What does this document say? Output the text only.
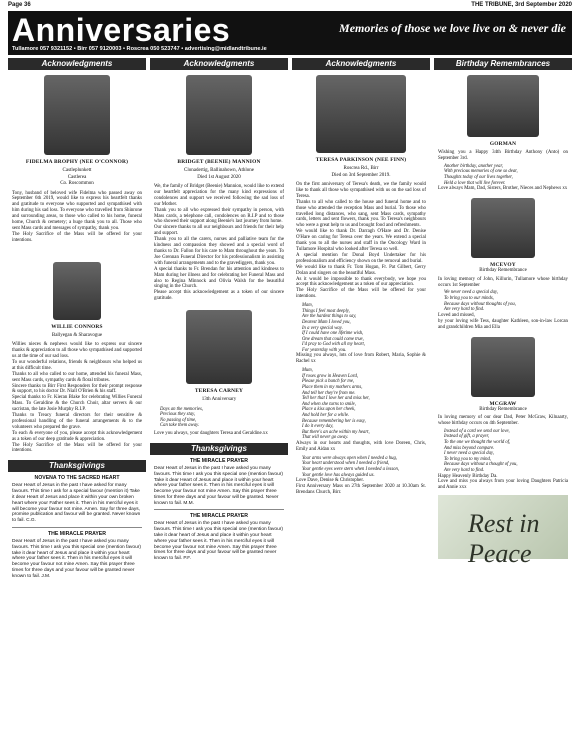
Page 36	THE TRIBUNE, 3rd September 2020
Anniversaries	Memories of those we love live on & never die
Tullamore 057 9321152 • Birr 057 9120003 • Roscrea 050 523747 • advertising@midlandtribune.ie
Acknowledgments
FIDELMA BROPHY (NEE O'CONNOR)
Castleplunkett
Castlerea
Co. Roscommon
Tony, husband of beloved wife Fidelma who passed away on September 6th 2019, would like to express his heartfelt thanks and gratitude to everyone who supported and sympathised with him during his sad loss. To everyone who travelled from Shinrone and surrounding areas, to those who called to his home, funeral home, Church & cemetery; a huge thank you to all. Those who sent Mass cards and messages of sympathy, thank you.
The Holy Sacrifice of the Mass will be offered for your intentions.
WILLIE CONNORS
Ballyegan & Sharavogue
Willies nieces & nephews would like to express our sincere thanks & appreciation to all those who sympathised and supported us at the time of our sad loss.
To our wonderful relations, friends & neighbours who helped us at this difficult time.
Thanks to all who called to our home, attended his funeral Mass, sent Mass cards, sympathy cards & floral tributes.
Sincere thanks to Birr First Responders for their prompt response & support, to his doctor Dr. Niall O'Brien & his staff.
Special thanks to Fr. Kieran Blake for celebrating Willies Funeral Mass. To Geraldine & the Church Choir, altar servers & our sacristan, the late Josie Murphy R.I.P.
Thanks to Treacy funeral directors for their sensitive & professional handling of the funeral arrangements & to the volunteers who prepared the grave.
To each & everyone of you, please accept this acknowledgement as a token of our deep gratitude & appreciation.
The Holy Sacrifice of the Mass will be offered for your intentions.
Thanksgivings
NOVENA TO THE SACRED HEART
Dear Heart of Jesus in the past I have asked for many favours. This time I ask for a special favour (mention it) Take it dear Heart of Jesus and place it within your own broken heart where your Father sees it. Then in his merciful eyes it will become your favour not mine. Amen. Say for three days, promise publication and favour will be granted. Never known to fail. C.G.
THE MIRACLE PRAYER
Dear Heart of Jesus in the past I have asked you many favours. This time I ask you this special one (mention favour) take it dear heart of Jesus and place it within your heart where your father sees it. Then in his merciful eyes it will become your favour not mine Amen. Say this prayer three times for three days and your favour will be granted never known to fail. J.M.
Acknowledgments
BRIDGET (BEENIE) MANNION
Clonadertig, Ballinahown, Athlone
Died 1st August 2020
We, the family of Bridget (Beenie) Mannion, would like to extend our heartfelt appreciation for the many kind expressions of condolences and support we received following the sad loss of our Mother.
Thank you to all who expressed their sympathy in person, with Mass cards, a telephone call, condolences on R.I.P and to those who showed their support along Beenie's last journey from home.
Our sincere thanks to all our neighbours and friends for their help and support.
Thank you to all the carers, nurses and palliative team for the kindness and compassion they showed and a special word of thanks to Dr. Fallon for his care to Mam throughout the years. To Joe Grennan Funeral Director for his professionalism in assisting with funeral arrangements and to the gravediggers, thank you.
A special thanks to Fr. Brendan for his attention and kindness to Mam during her illness and for celebrating her Funeral Mass and also to Regina Minnock and Olivia Walsh for the beautiful singing in the Church.
Please accept this acknowledgement as a token of our sincere gratitude.
TERESA CARNEY
13th Anniversary
Days an the memories,
Precious they stay,
No passing of time,
Can take them away.
Love you always, your daughters Teresa and Geraldine.xx
Thanksgivings
THE MIRACLE PRAYER
Dear Heart of Jesus in the past I have asked you many favours. This time I ask you this special one (mention favour) Take it dear Heart of Jesus and place it within your heart where your father sees it. Then in his merciful eyes it will become your favour not mine Amen. Say this prayer three times for three days and your favour will be granted. Never known to fail. M.M.
THE MIRACLE PRAYER
Dear Heart of Jesus in the past I have asked you many favours. This time I ask you this special one (mention favour) take it dear heart of Jesus and place it within your heart where your father sees it. Then in his merciful eyes it will become your favour not mine Amen. Say this prayer three times for three days and your favour will be granted never known to fail. P.F.
Acknowledgments
TERESA PARKINSON (NEE FINN)
Roscrea Rd., Birr
Died on 3rd September 2019.
On the first anniversary of Teresa's death, we the family would like to thank all those who sympathised with us on the sad loss of Teresa.
Thanks to all who called to the house and funeral home and to those who attended the reception Mass and burial. To those who travelled long distances, who sang, sent Mass cards, sympathy cards, letters and sent flowers, thank you. To Teresa's neighbours who were a great help to us and brought food and refreshments.
We would like to thank Dr. Darragh O'Hare and Dr. Denise O'Hare on caring for Teresa over the years. We extend a special thank you to all the nurses and staff in the Oncology Ward in Tullamore Hospital who looked after Teresa so well.
A special mention for Donal Boyd Undertaker for his professionalism and efficiency shown on the removal and burial.
We would like to thank Fr. Tom Hogan, Fr. Pat Gilbert, Gerry Dolan and singers on the beautiful Mass.
As it would be impossible to thank everybody, we hope you accept this acknowledgement as a token of our appreciation.
The Holy Sacrifice of the Mass will be offered for your intentions.
Mam,
Things I feel most deeply,
Are the hardest things to say,
Dearest Mam I loved you,
In a very special way.
If I could have one lifetime wish,
One dream that could come true,
I'd pray to God with all my heart,
For yesterday with you.
Missing you always, lots of love from Robert, Maria, Sophie & Rachel xx
Mum,
If roses grow in Heaven Lord,
Please pick a bunch for me,
Place them in my mothers arms,
And tell her they're from me.
Tell her that I love her and miss her,
And when she turns to smile,
Place a kiss upon her cheek,
And hold her for a while.
Because remembering her is easy,
I do it every day,
But there's an ache within my heart,
That will never go away.
Always in our hearts and thoughts, with love Doreen, Chris, Emily and Aidan xx
Your arms were always open when I needed a hug,
Your heart understood when I needed a friend,
Your gentle eyes were stern when I needed a lesson,
Your gentle love has always guided us.
Love Dave, Denise & Christopher.
First Anniversary Mass on 27th September 2020 at 10.30am St. Brendans Church, Birr.
Birthday Remembrances
GORMAN
Wishing you a Happy 34th Birthday Anthony (Anto) on September 3rd.
Another birthday, another year,
With precious memories of one so dear,
Thoughts today of our lives together,
Held a love that will live forever.
Love always Mam, Dad, Sisters, Brother, Nieces and Nephews xx
MCEVOY
Birthday Remembrance
In loving memory of John, Killurin, Tullamore whose birthday occurs 1st September
We never need a special day,
To bring you to our minds,
Because days without thoughts of you,
Are very hard to find.
Loved and missed,
by your loving wife Tess, daughter Kathleen, son-in-law Lorcan and grandchildren Mia and Ella
MCGRAW
Birthday Remembrance
In loving memory of our dear Dad, Peter McGraw, Kilnaarty, whose birthday occurs on 4th September.
Instead of a card we send our love,
Instead of gift, a prayer,
To the one we thought the world of,
And miss beyond compare.
I never need a special day,
To bring you to my mind,
Because days without a thought of you,
Are very hard to find.
Happy Heavenly Birthday Da.
Love and miss you always from your loving Daughters Patricia and Annie xxx
Rest in Peace
